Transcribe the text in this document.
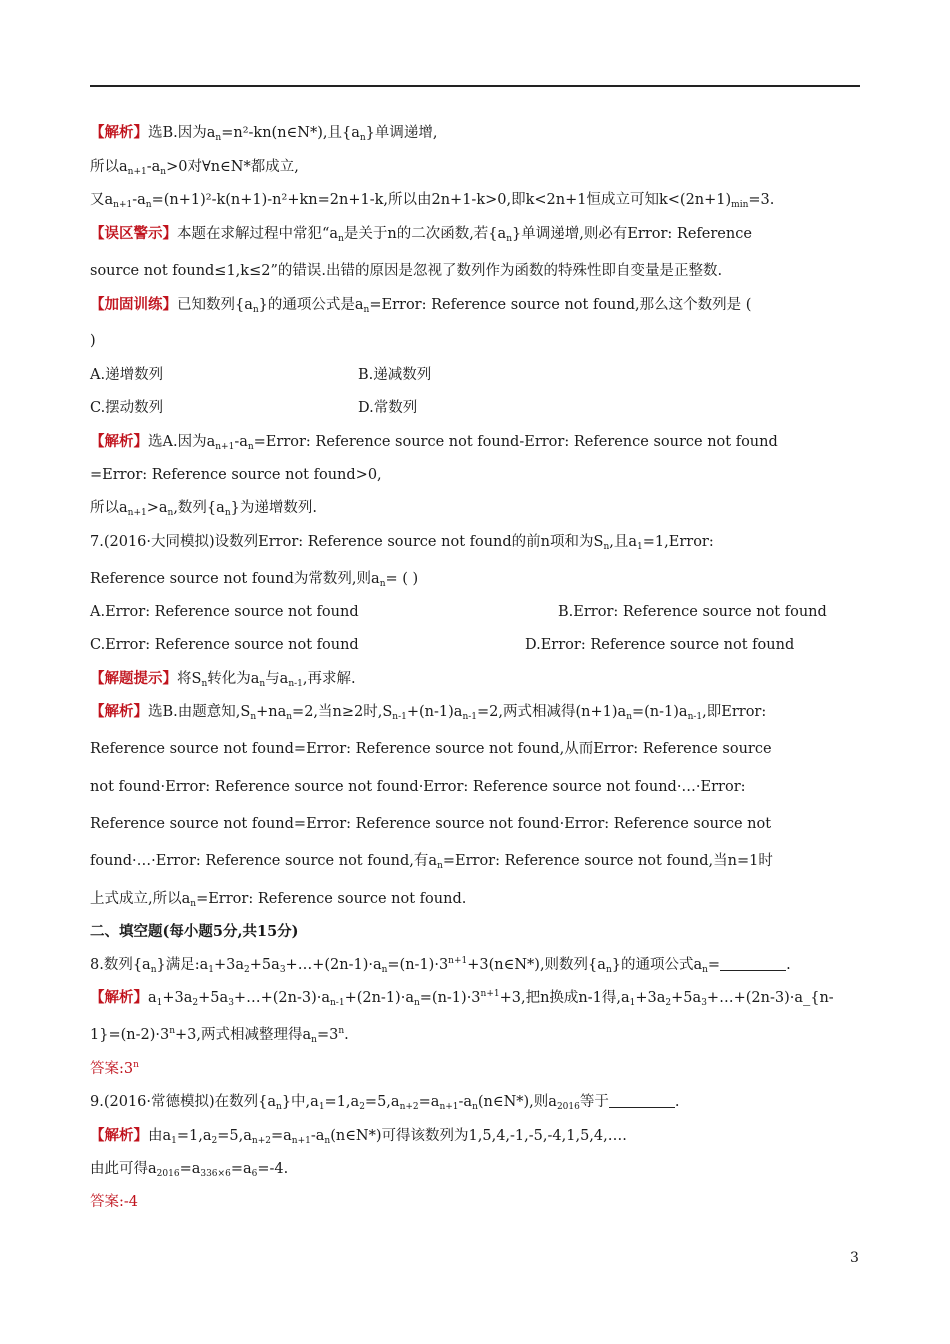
【解析】选B.因为$a_n=n^2-kn(n\in N*)$,且$\{a_n\}$单调递增,
所以$a_{n+1}-a_n>0$对∀n∈N*都成立,
又$a_{n+1}-a_n=(n+1)^2-k(n+1)-n^2+kn=2n+1-k$,所以由2n+1-k>0,即k<2n+1恒成立可知$k<(2n+1)_{min}=3$.
【误区警示】本题在求解过程中常犯“$a_n$是关于n的二次函数,若$\{a_n\}$单调递增,则必有Error: Reference
source not found≤1,k≤2”的错误.出错的原因是忽视了数列作为函数的特殊性即自变量是正整数.
【加固训练】已知数列$\{a_n\}$的通项公式是$a_n=Error$: Reference source not found,那么这个数列是 (
)
A.递增数列	B.递减数列
C.摆动数列	D.常数列
【解析】选A.因为$a_{n+1}-a_n=Error$: Reference source not found-Error: Reference source not found
=Error: Reference source not found>0,
所以$a_{n+1}>a_n$,数列$\{a_n\}$为递增数列.
7.(2016·大同模拟)设数列Error: Reference source not found的前n项和为$S_n$,且$a_1=1,Error$:
Reference source not found为常数列,则$a_n=$ ( )
A.Error: Reference source not found	B.Error: Reference source not found
C.Error: Reference source not found	D.Error: Reference source not found
【解题提示】将$S_n$转化为$a_n$与$a_{n-1}$,再求解.
【解析】选B.由题意知$,S_n+na_n=2$,当n≥2时$,S_{n-1}+(n-1)a_{n-1}=2$,两式相减得$(n+1)a_n=(n-1)a_{n-1}$,即Error:
Reference source not found=Error: Reference source not found,从而Error: Reference source
not found·Error: Reference source not found·Error: Reference source not found·…·Error:
Reference source not found=Error: Reference source not found·Error: Reference source not
found·…·Error: Reference source not found,有$a_n=Error$: Reference source not found,当n=1时
上式成立,所以$a_n=Error$: Reference source not found.
二、填空题(每小题5分,共15分)
8.数列$\{a_n\}$满足$:a_1+3a_2+5a_3+\dots+(2n-1)\cdot a_n=(n-1)\cdot 3^{n+1}+3(n\in N*)$,则数列$\{a_n\}$的通项公式$a_n=$	.
【解析】$a_1+3a_2+5a_3+\dots+(2n-3)\cdot a_{n-1}+(2n-1)\cdot a_n=(n-1)\cdot 3^{n+1}+3$,把n换成n-1得$,a_1+3a_2+5a_3+\dots+(2n-3)\cdot a\_\{n-$
$1\}=(n-2)\cdot 3^n+3$,两式相减整理得$a_n=3^n$.
答案:3$^n$
9.(2016·常德模拟)在数列$\{a_n\}$中$,a_1=1,a_2=5,a_{n+2}=a_{n+1}-a_n(n\in N*)$,则$a_{2016}$等于	.
【解析】由$a_1=1,a_2=5,a_{n+2}=a_{n+1}-a_n(n\in N*)$可得该数列为1,5,4,-1,-5,-4,1,5,4,….
由此可得$a_{2016}=a_{336\times 6}=a_6=-4$.
答案:-4
3
